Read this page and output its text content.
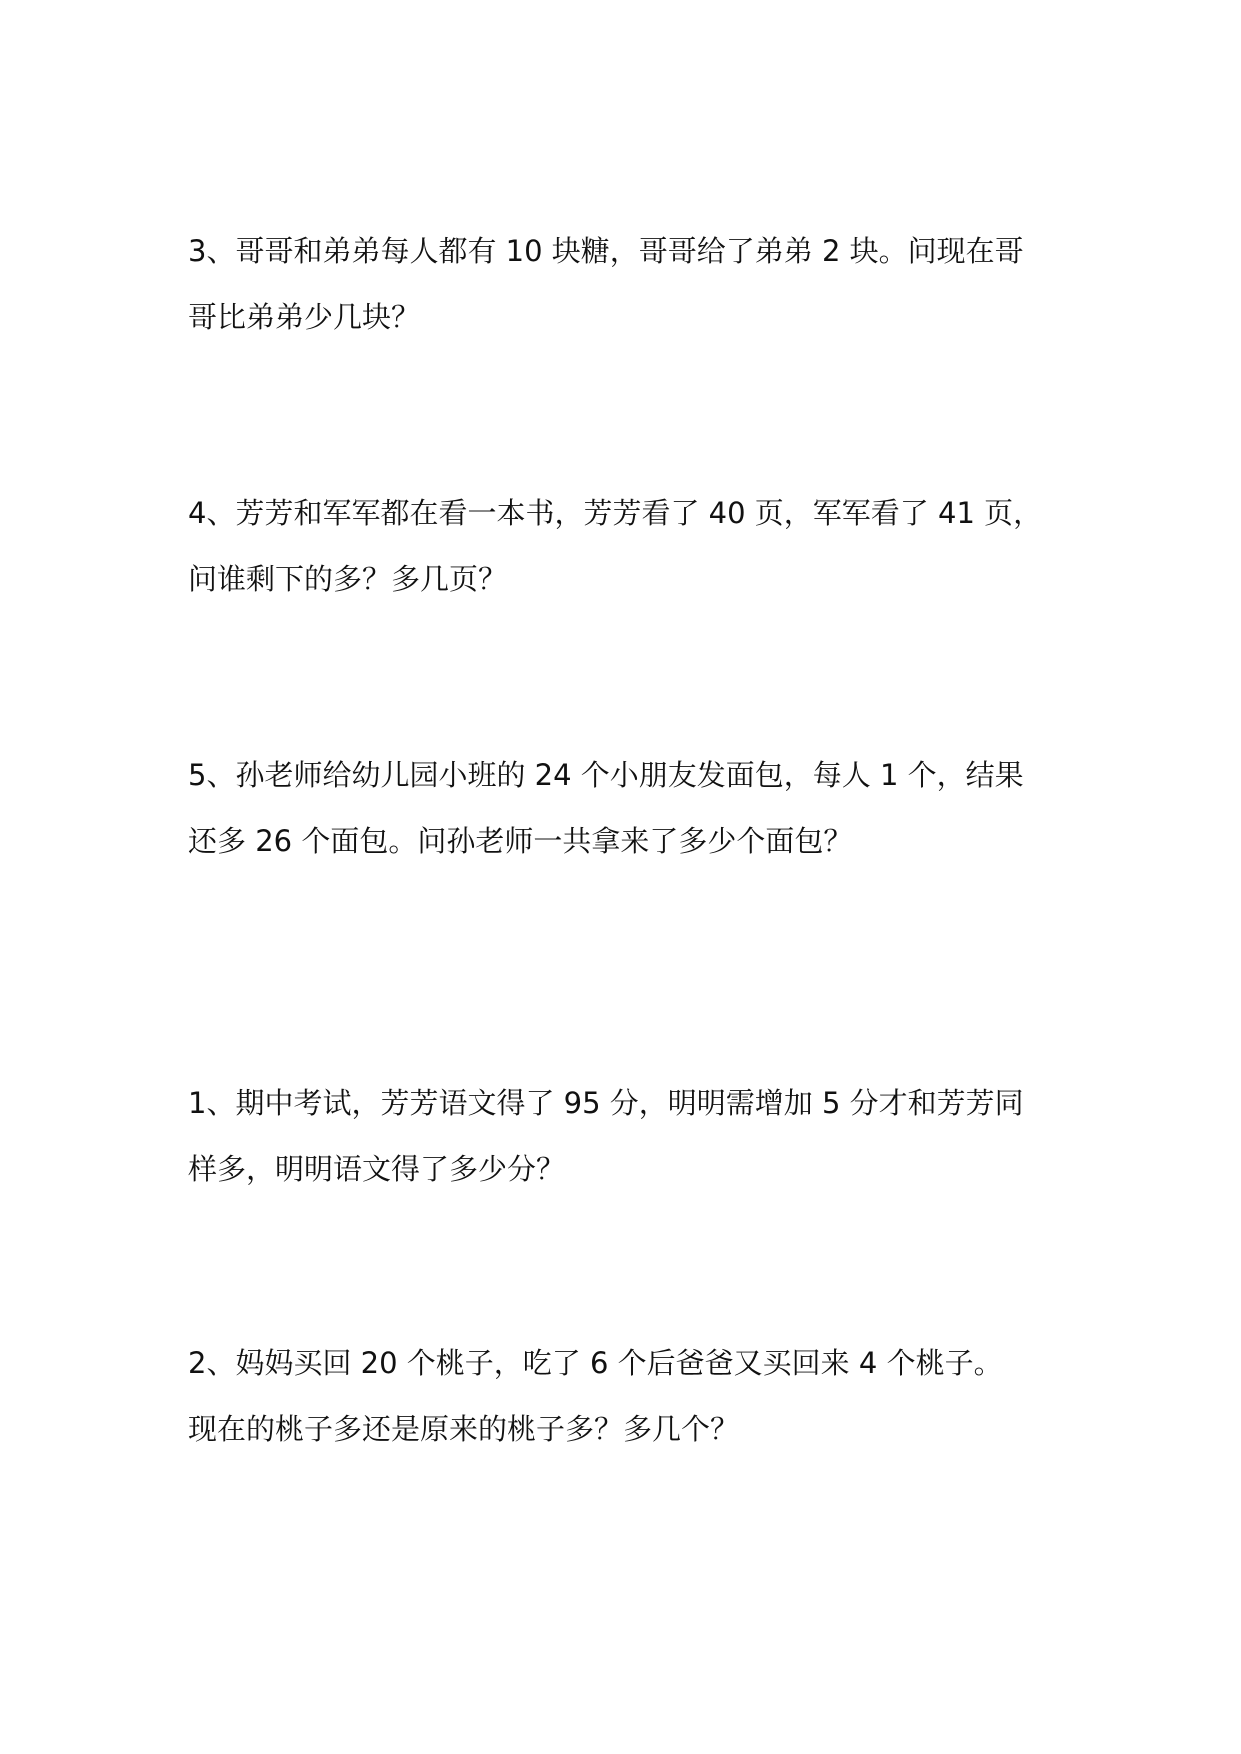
3、哥哥和弟弟每人都有 10 块糖，哥哥给了弟弟 2 块。问现在哥
哥比弟弟少几块？
4、芳芳和军军都在看一本书，芳芳看了 40 页，军军看了 41 页，
问谁剩下的多？多几页？
5、孙老师给幼儿园小班的 24 个小朋友发面包，每人 1 个，结果
还多 26 个面包。问孙老师一共拿来了多少个面包？
1、期中考试，芳芳语文得了 95 分，明明需增加 5 分才和芳芳同
样多，明明语文得了多少分？
2、妈妈买回 20 个桃子，吃了 6 个后爸爸又买回来 4 个桃子。
现在的桃子多还是原来的桃子多？多几个？
